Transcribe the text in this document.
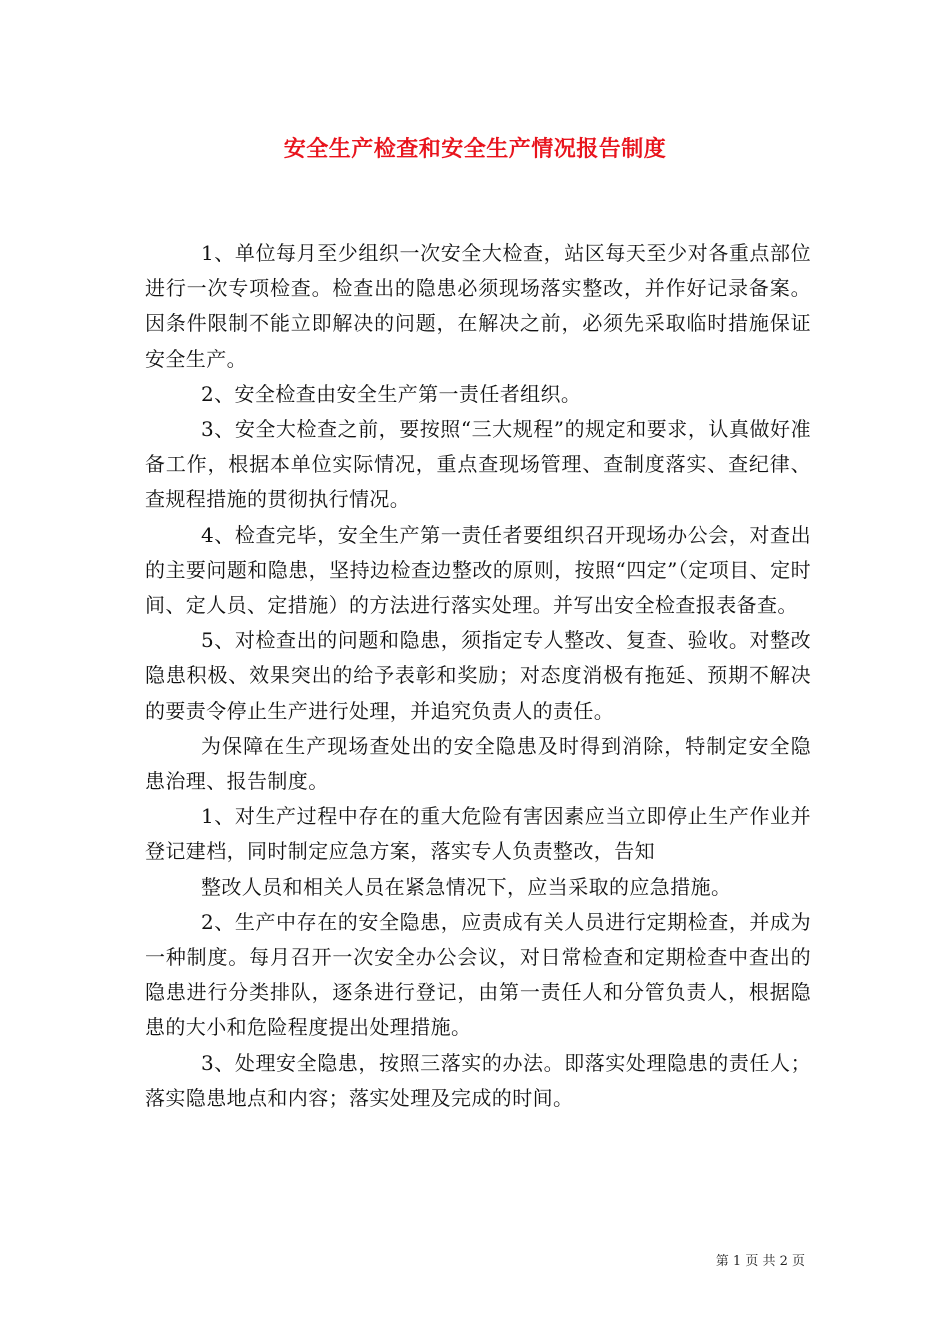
安全生产检查和安全生产情况报告制度

1、单位每月至少组织一次安全大检查，站区每天至少对各重点部位进行一次专项检查。检查出的隐患必须现场落实整改，并作好记录备案。因条件限制不能立即解决的问题，在解决之前，必须先采取临时措施保证安全生产。

2、安全检查由安全生产第一责任者组织。

3、安全大检查之前，要按照“三大规程”的规定和要求，认真做好准备工作，根据本单位实际情况，重点查现场管理、查制度落实、查纪律、查规程措施的贯彻执行情况。

4、检查完毕，安全生产第一责任者要组织召开现场办公会，对查出的主要问题和隐患，坚持边检查边整改的原则，按照“四定”（定项目、定时间、定人员、定措施）的方法进行落实处理。并写出安全检查报表备查。

5、对检查出的问题和隐患，须指定专人整改、复查、验收。对整改隐患积极、效果突出的给予表彰和奖励；对态度消极有拖延、预期不解决的要责令停止生产进行处理，并追究负责人的责任。

为保障在生产现场查处出的安全隐患及时得到消除，特制定安全隐患治理、报告制度。

1、对生产过程中存在的重大危险有害因素应当立即停止生产作业并登记建档，同时制定应急方案，落实专人负责整改，告知

整改人员和相关人员在紧急情况下，应当采取的应急措施。

2、生产中存在的安全隐患，应责成有关人员进行定期检查，并成为一种制度。每月召开一次安全办公会议，对日常检查和定期检查中查出的隐患进行分类排队，逐条进行登记，由第一责任人和分管负责人，根据隐患的大小和危险程度提出处理措施。

3、处理安全隐患，按照三落实的办法。即落实处理隐患的责任人；落实隐患地点和内容；落实处理及完成的时间。

第 1 页 共 2 页
